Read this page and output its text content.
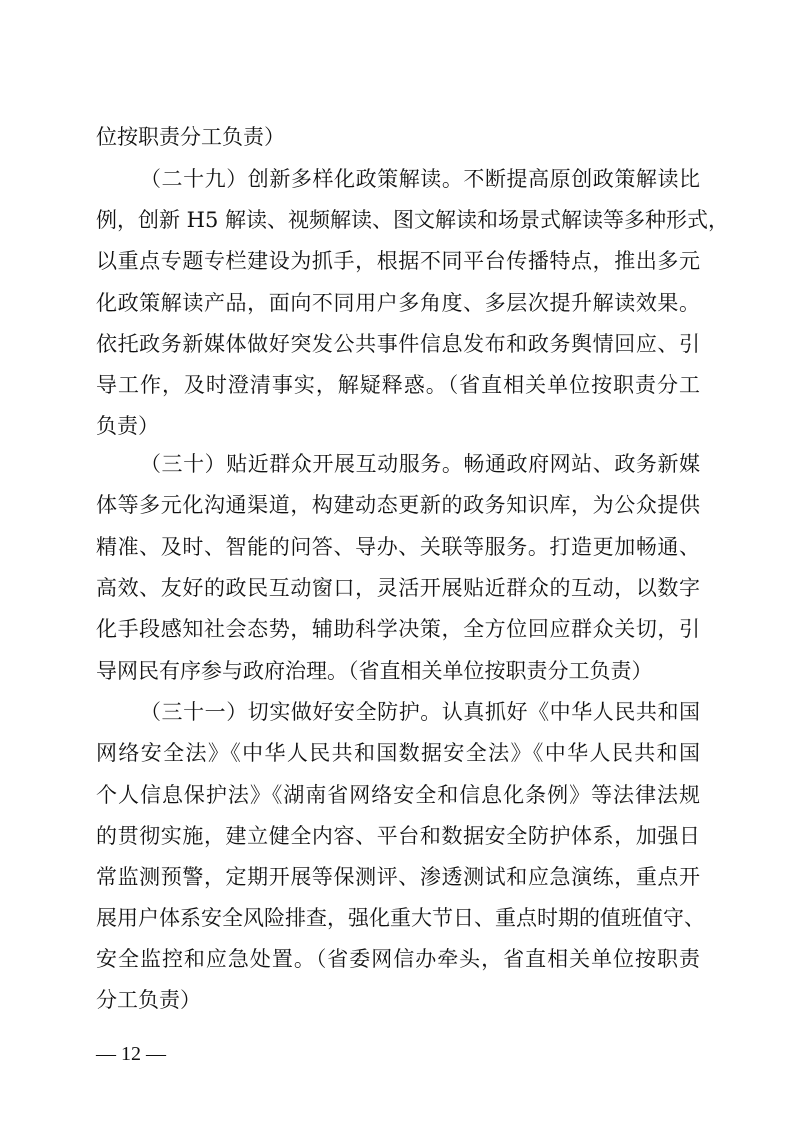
位按职责分工负责）

（二十九）创新多样化政策解读。不断提高原创政策解读比

例，创新 H5 解读、视频解读、图文解读和场景式解读等多种形式，

以重点专题专栏建设为抓手，根据不同平台传播特点，推出多元

化政策解读产品，面向不同用户多角度、多层次提升解读效果。

依托政务新媒体做好突发公共事件信息发布和政务舆情回应、引

导工作，及时澄清事实，解疑释惑。（省直相关单位按职责分工

负责）

（三十）贴近群众开展互动服务。畅通政府网站、政务新媒

体等多元化沟通渠道，构建动态更新的政务知识库，为公众提供

精准、及时、智能的问答、导办、关联等服务。打造更加畅通、

高效、友好的政民互动窗口，灵活开展贴近群众的互动，以数字

化手段感知社会态势，辅助科学决策，全方位回应群众关切，引

导网民有序参与政府治理。（省直相关单位按职责分工负责）

（三十一）切实做好安全防护。认真抓好《中华人民共和国

网络安全法》《中华人民共和国数据安全法》《中华人民共和国

个人信息保护法》《湖南省网络安全和信息化条例》等法律法规

的贯彻实施，建立健全内容、平台和数据安全防护体系，加强日

常监测预警，定期开展等保测评、渗透测试和应急演练，重点开

展用户体系安全风险排查，强化重大节日、重点时期的值班值守、

安全监控和应急处置。（省委网信办牵头，省直相关单位按职责

分工负责）

— 12 —
